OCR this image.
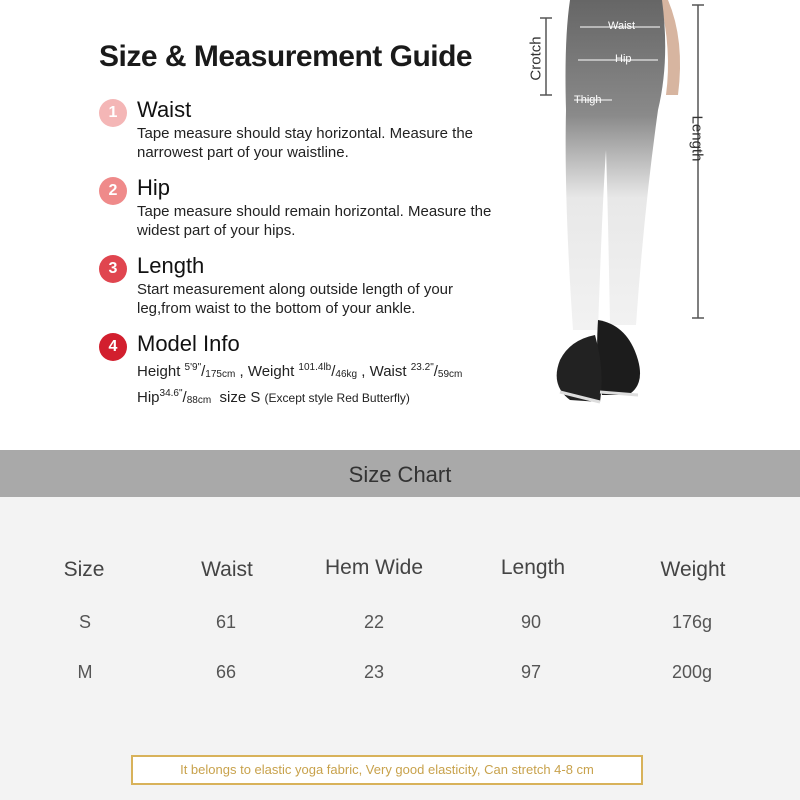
Size & Measurement Guide
1 Waist
Tape measure should stay horizontal. Measure the narrowest part of your waistline.
2 Hip
Tape measure should remain horizontal. Measure the widest part of your hips.
3 Length
Start measurement along outside length of your leg,from waist to the bottom of your ankle.
4 Model Info
Height $^{5'9"}/_{175cm}$ , Weight $^{101.4lb}/_{46kg}$ , Waist $^{23.2"}/_{59cm}$
$Hip^{34.6"}/_{88cm}$ size S (Except style Red Butterfly)
Waist
Hip
Thigh
Crotch
Length
Size Chart
Size	Waist	Hem Wide	Length	Weight
S	61	22	90	176g
M	66	23	97	200g
It belongs to elastic yoga fabric, Very good elasticity, Can stretch 4-8 cm
